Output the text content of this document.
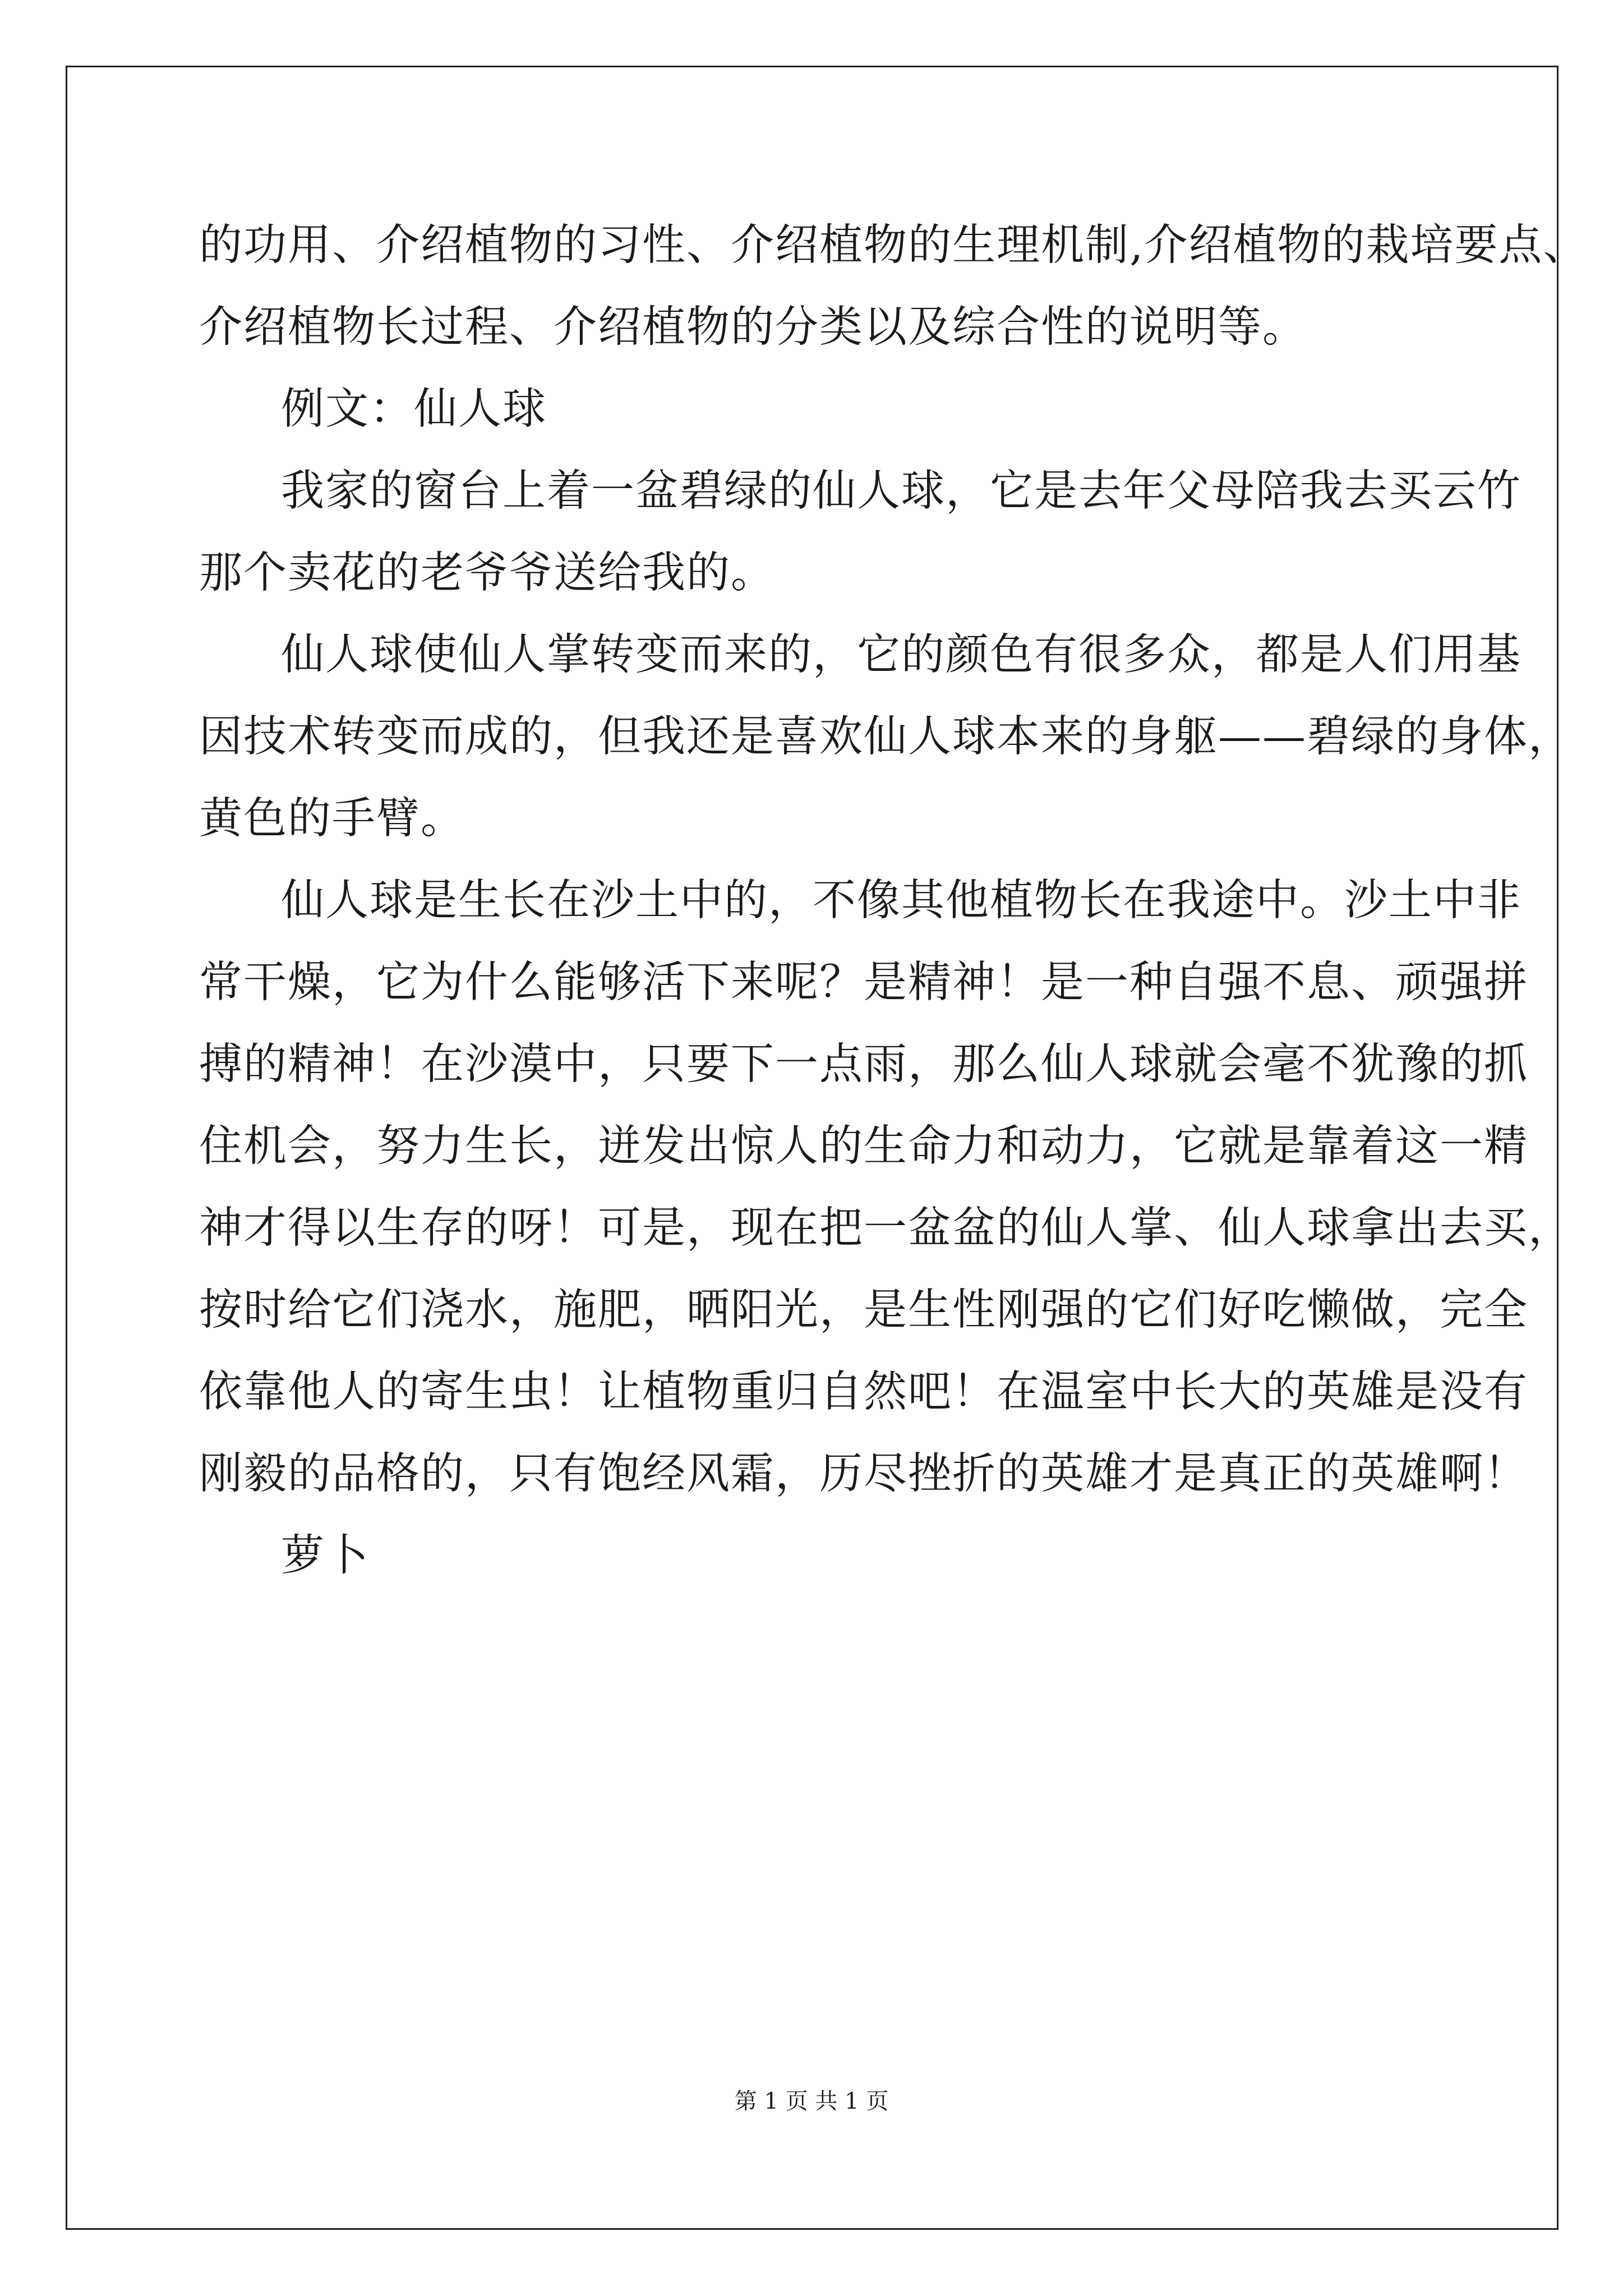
的功用、介绍植物的习性、介绍植物的生理机制,介绍植物的栽培要点、
介绍植物长过程、介绍植物的分类以及综合性的说明等。

例文：仙人球

我家的窗台上着一盆碧绿的仙人球，它是去年父母陪我去买云竹
那个卖花的老爷爷送给我的。

仙人球使仙人掌转变而来的，它的颜色有很多众，都是人们用基
因技术转变而成的，但我还是喜欢仙人球本来的身躯——碧绿的身体，
黄色的手臂。

仙人球是生长在沙土中的，不像其他植物长在我途中。沙土中非
常干燥，它为什么能够活下来呢？是精神！是一种自强不息、顽强拼
搏的精神！在沙漠中，只要下一点雨，那么仙人球就会毫不犹豫的抓
住机会，努力生长，迸发出惊人的生命力和动力，它就是靠着这一精
神才得以生存的呀！可是，现在把一盆盆的仙人掌、仙人球拿出去买，
按时给它们浇水，施肥，晒阳光，是生性刚强的它们好吃懒做，完全
依靠他人的寄生虫！让植物重归自然吧！在温室中长大的英雄是没有
刚毅的品格的，只有饱经风霜，历尽挫折的英雄才是真正的英雄啊！

萝卜

第 1 页 共 1 页
